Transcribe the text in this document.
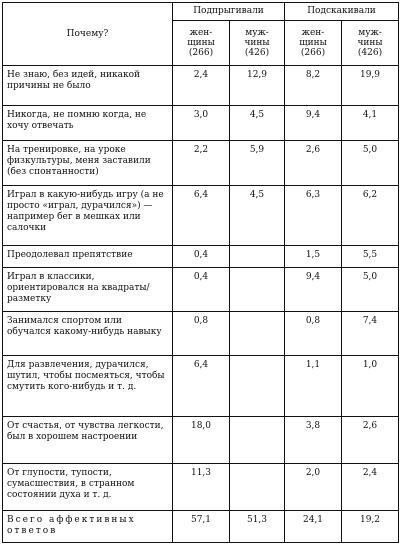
Почему?	Подпрыгивали		Подскакивали	
	жен-
щины
(266)	муж-
чины
(426)	жен-
щины
(266)	муж-
чины
(426)
Не знаю, без идей, никакой причины не было	2,4	12,9	8,2	19,9
Никогда, не помню когда, не хочу отвечать	3,0	4,5	9,4	4,1
На тренировке, на уроке физкультуры, меня заставили (без спонтанности)	2,2	5,9	2,6	5,0
Играл в какую-нибудь игру (а не просто «играл, дурачился») — например бег в мешках или салочки	6,4	4,5	6,3	6,2
Преодолевал препятствие	0,4		1,5	5,5
Играл в классики, ориентировался на квадраты/разметку	0,4		9,4	5,0
Занимался спортом или обучался какому-нибудь навыку	0,8		0,8	7,4
Для развлечения, дурачился, шутил, чтобы посмеяться, чтобы смутить кого-нибудь и т. д.	6,4		1,1	1,0
От счастья, от чувства легкости, был в хорошем настроении	18,0		3,8	2,6
От глупости, тупости, сумасшествия, в странном состоянии духа и т. д.	11,3		2,0	2,4
Всего аффективных ответов	57,1	51,3	24,1	19,2
